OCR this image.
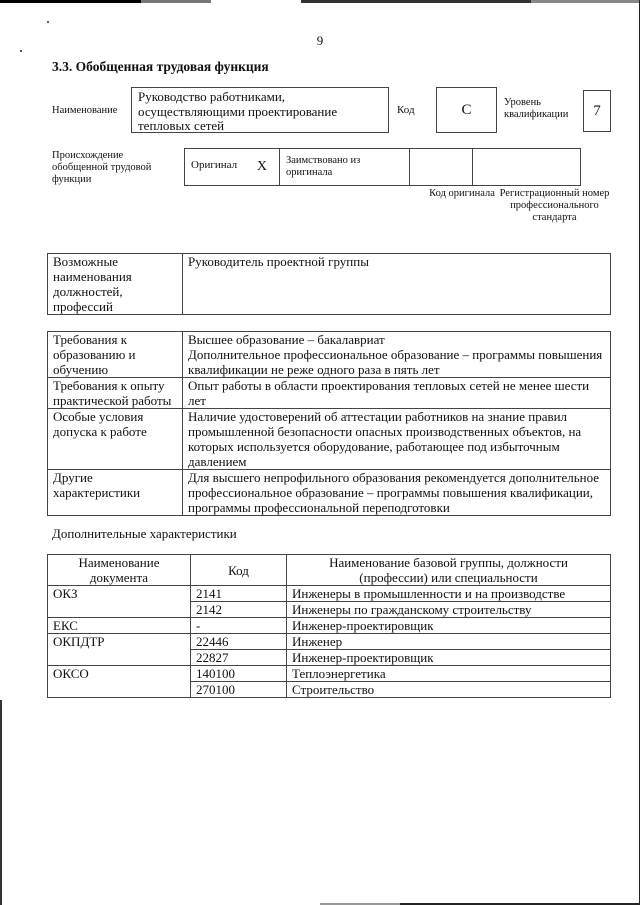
9
3.3. Обобщенная трудовая функция
Наименование
Руководство работниками, осуществляющими проектирование тепловых сетей
Код	C	Уровень квалификации	7
Происхождение обобщенной трудовой функции
Оригинал X	Заимствовано из оригинала		
Код оригинала Регистрационный номер профессионального стандарта
Возможные наименования должностей, профессий	Руководитель проектной группы
Требования к образованию и обучению	Высшее образование – бакалавриат
Дополнительное профессиональное образование – программы повышения квалификации не реже одного раза в пять лет

Требования к опыту практической работы	Опыт работы в области проектирования тепловых сетей не менее шести лет
Особые условия допуска к работе	Наличие удостоверений об аттестации работников на знание правил промышленной безопасности опасных производственных объектов, на которых используется оборудование, работающее под избыточным давлением
Другие характеристики	Для высшего непрофильного образования рекомендуется дополнительное профессиональное образование – программы повышения квалификации, программы профессиональной переподготовки
Дополнительные характеристики
Наименование документа	Код	Наименование базовой группы, должности (профессии) или специальности
ОКЗ	2141	Инженеры в промышленности и на производстве
	2142	Инженеры по гражданскому строительству
ЕКС	-	Инженер-проектировщик
ОКПДТР	22446	Инженер
	22827	Инженер-проектировщик
ОКСО	140100	Теплоэнергетика
	270100	Строительство
